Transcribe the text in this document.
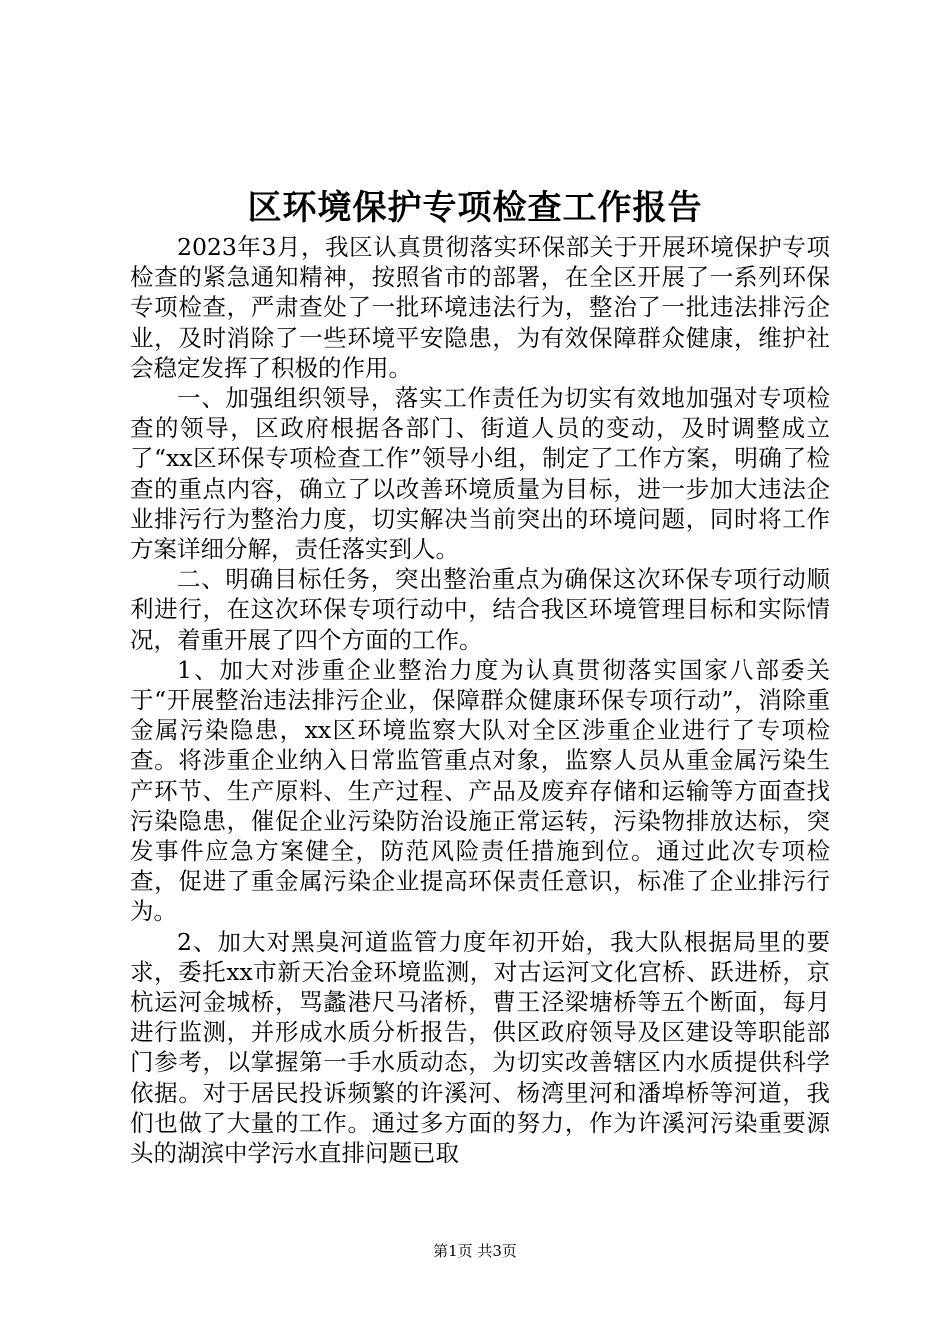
区环境保护专项检查工作报告

2023年3月，我区认真贯彻落实环保部关于开展环境保护专项检查的紧急通知精神，按照省市的部署，在全区开展了一系列环保专项检查，严肃查处了一批环境违法行为，整治了一批违法排污企业，及时消除了一些环境平安隐患，为有效保障群众健康，维护社会稳定发挥了积极的作用。

一、加强组织领导，落实工作责任为切实有效地加强对专项检查的领导，区政府根据各部门、街道人员的变动，及时调整成立了“xx区环保专项检查工作”领导小组，制定了工作方案，明确了检查的重点内容，确立了以改善环境质量为目标，进一步加大违法企业排污行为整治力度，切实解决当前突出的环境问题，同时将工作方案详细分解，责任落实到人。

二、明确目标任务，突出整治重点为确保这次环保专项行动顺利进行，在这次环保专项行动中，结合我区环境管理目标和实际情况，着重开展了四个方面的工作。

1、加大对涉重企业整治力度为认真贯彻落实国家八部委关于“开展整治违法排污企业，保障群众健康环保专项行动”，消除重金属污染隐患，xx区环境监察大队对全区涉重企业进行了专项检查。将涉重企业纳入日常监管重点对象，监察人员从重金属污染生产环节、生产原料、生产过程、产品及废弃存储和运输等方面查找污染隐患，催促企业污染防治设施正常运转，污染物排放达标，突发事件应急方案健全，防范风险责任措施到位。通过此次专项检查，促进了重金属污染企业提高环保责任意识，标准了企业排污行为。

2、加大对黑臭河道监管力度年初开始，我大队根据局里的要求，委托xx市新天冶金环境监测，对古运河文化宫桥、跃进桥，京杭运河金城桥，骂蠡港尺马渚桥，曹王泾梁塘桥等五个断面，每月进行监测，并形成水质分析报告，供区政府领导及区建设等职能部门参考，以掌握第一手水质动态，为切实改善辖区内水质提供科学依据。对于居民投诉频繁的许溪河、杨湾里河和潘埠桥等河道，我们也做了大量的工作。通过多方面的努力，作为许溪河污染重要源头的湖滨中学污水直排问题已取

第1页 共3页
